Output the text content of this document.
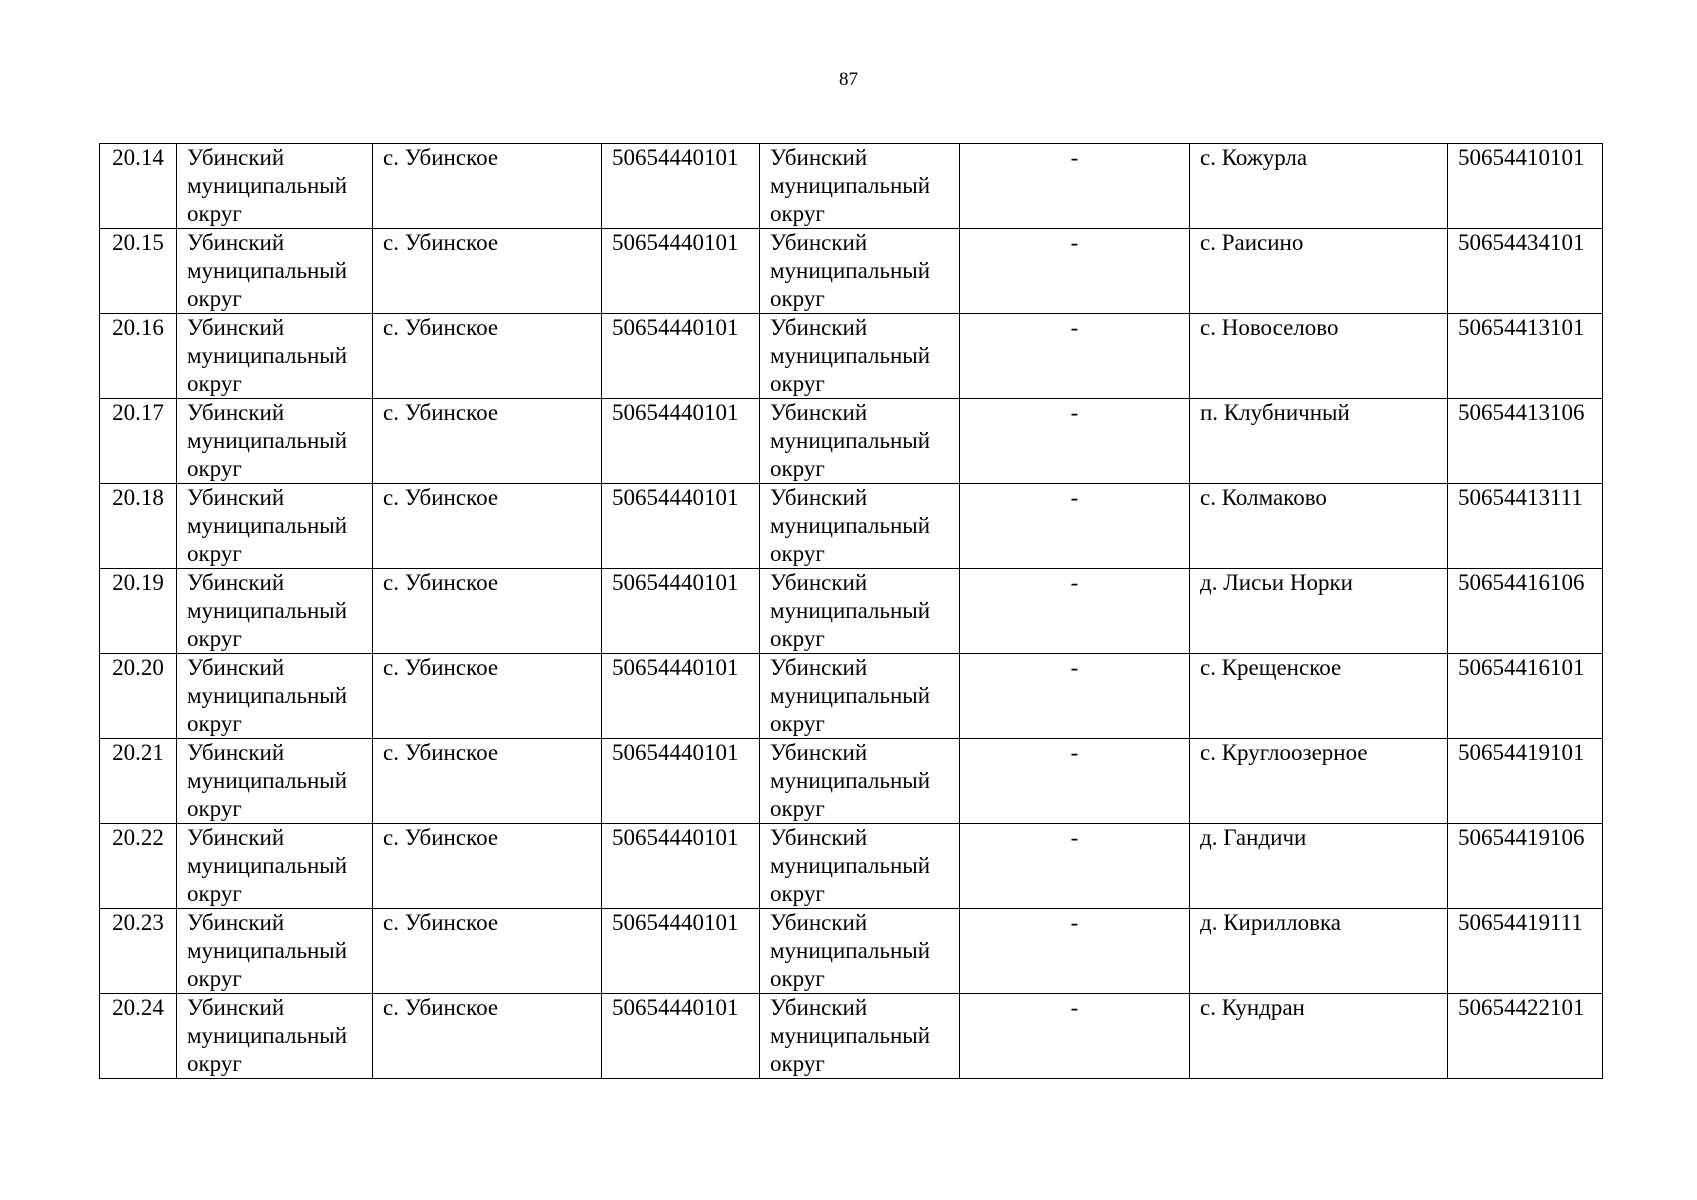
87
20.14	Убинский муниципальный округ	с. Убинское	50654440101	Убинский муниципальный округ	-	с. Кожурла	50654410101
20.15	Убинский муниципальный округ	с. Убинское	50654440101	Убинский муниципальный округ	-	с. Раисино	50654434101
20.16	Убинский муниципальный округ	с. Убинское	50654440101	Убинский муниципальный округ	-	с. Новоселово	50654413101
20.17	Убинский муниципальный округ	с. Убинское	50654440101	Убинский муниципальный округ	-	п. Клубничный	50654413106
20.18	Убинский муниципальный округ	с. Убинское	50654440101	Убинский муниципальный округ	-	с. Колмаково	50654413111
20.19	Убинский муниципальный округ	с. Убинское	50654440101	Убинский муниципальный округ	-	д. Лисьи Норки	50654416106
20.20	Убинский муниципальный округ	с. Убинское	50654440101	Убинский муниципальный округ	-	с. Крещенское	50654416101
20.21	Убинский муниципальный округ	с. Убинское	50654440101	Убинский муниципальный округ	-	с. Круглоозерное	50654419101
20.22	Убинский муниципальный округ	с. Убинское	50654440101	Убинский муниципальный округ	-	д. Гандичи	50654419106
20.23	Убинский муниципальный округ	с. Убинское	50654440101	Убинский муниципальный округ	-	д. Кирилловка	50654419111
20.24	Убинский муниципальный округ	с. Убинское	50654440101	Убинский муниципальный округ	-	с. Кундран	50654422101
